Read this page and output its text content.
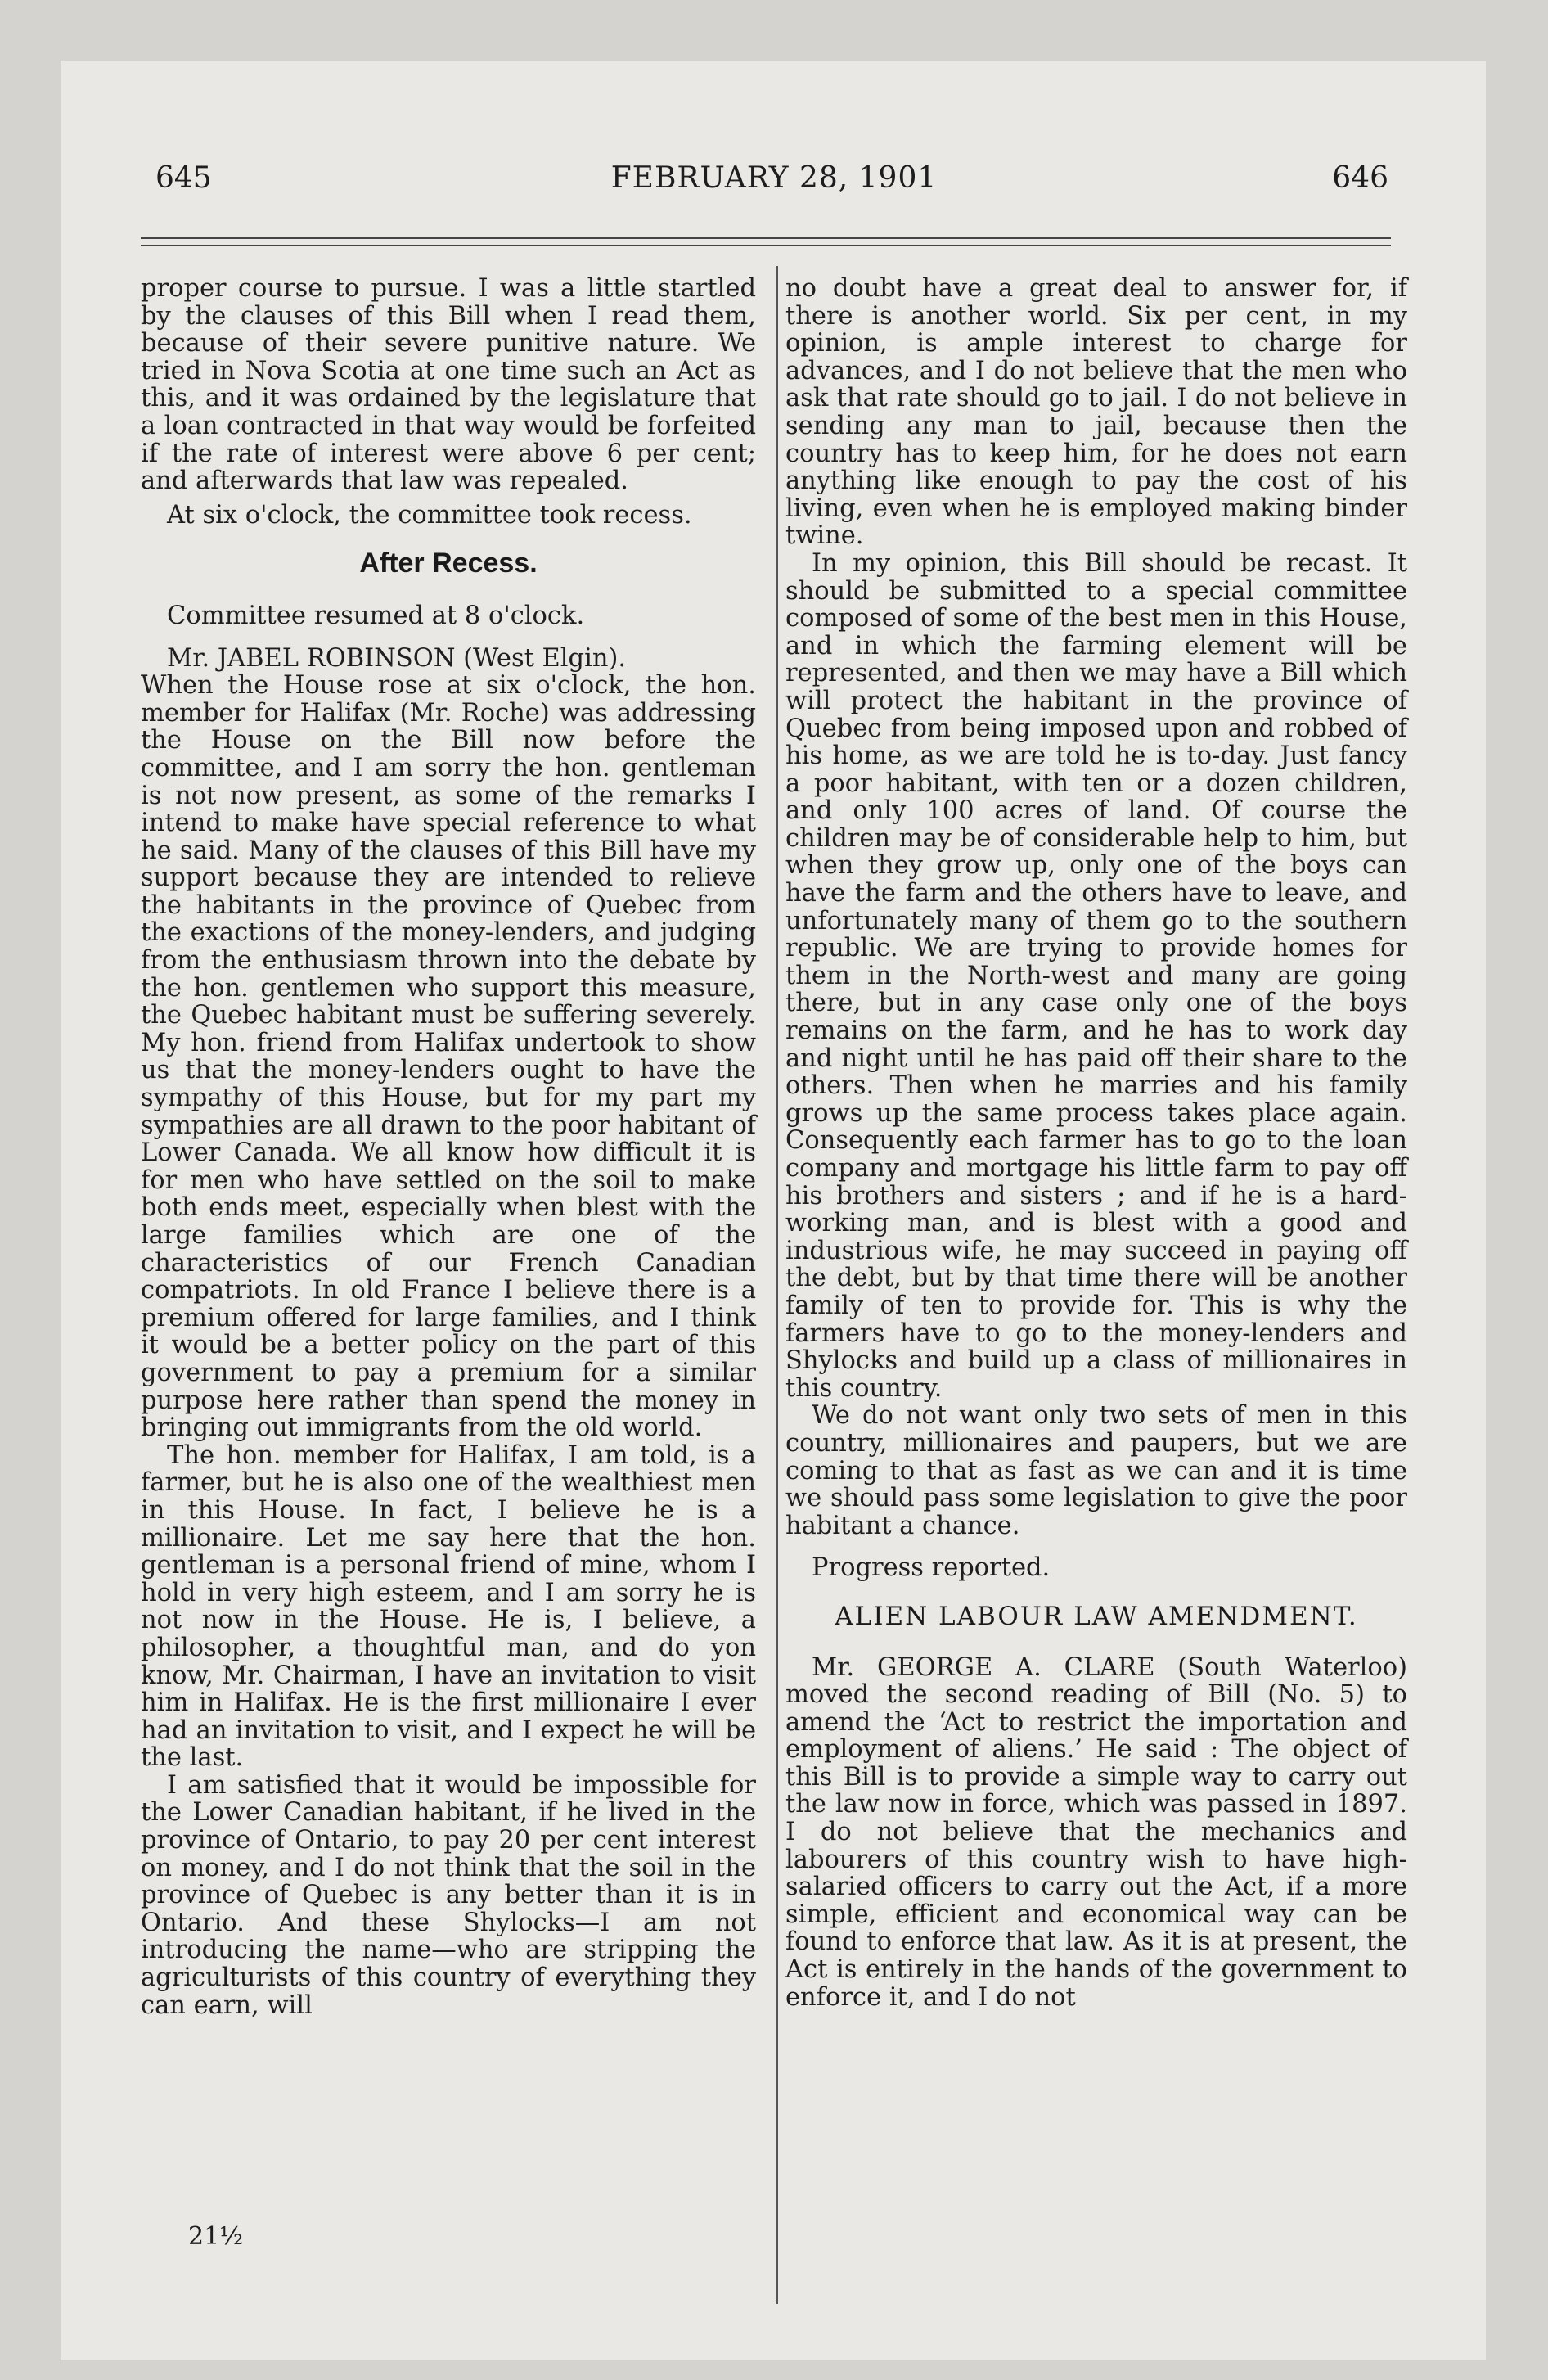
645	FEBRUARY 28, 1901	646

proper course to pursue. I was a little startled by the clauses of this Bill when I read them, because of their severe punitive nature. We tried in Nova Scotia at one time such an Act as this, and it was ordained by the legislature that a loan contracted in that way would be forfeited if the rate of interest were above 6 per cent; and afterwards that law was repealed.

At six o'clock, the committee took recess.

After Recess.

Committee resumed at 8 o'clock.

Mr. JABEL ROBINSON (West Elgin).

When the House rose at six o'clock, the hon. member for Halifax (Mr. Roche) was addressing the House on the Bill now before the committee, and I am sorry the hon. gentleman is not now present, as some of the remarks I intend to make have special reference to what he said. Many of the clauses of this Bill have my support because they are intended to relieve the habitants in the province of Quebec from the exactions of the money-lenders, and judging from the enthusiasm thrown into the debate by the hon. gentlemen who support this measure, the Quebec habitant must be suffering severely. My hon. friend from Halifax undertook to show us that the money-lenders ought to have the sympathy of this House, but for my part my sympathies are all drawn to the poor habitant of Lower Canada. We all know how difficult it is for men who have settled on the soil to make both ends meet, especially when blest with the large families which are one of the characteristics of our French Canadian compatriots. In old France I believe there is a premium offered for large families, and I think it would be a better policy on the part of this government to pay a premium for a similar purpose here rather than spend the money in bringing out immigrants from the old world.

The hon. member for Halifax, I am told, is a farmer, but he is also one of the wealthiest men in this House. In fact, I believe he is a millionaire. Let me say here that the hon. gentleman is a personal friend of mine, whom I hold in very high esteem, and I am sorry he is not now in the House. He is, I believe, a philosopher, a thoughtful man, and do yon know, Mr. Chairman, I have an invitation to visit him in Halifax. He is the first millionaire I ever had an invitation to visit, and I expect he will be the last.

I am satisfied that it would be impossible for the Lower Canadian habitant, if he lived in the province of Ontario, to pay 20 per cent interest on money, and I do not think that the soil in the province of Quebec is any better than it is in Ontario. And these Shylocks—I am not introducing the name—who are stripping the agriculturists of this country of everything they can earn, will

no doubt have a great deal to answer for, if there is another world. Six per cent, in my opinion, is ample interest to charge for advances, and I do not believe that the men who ask that rate should go to jail. I do not believe in sending any man to jail, because then the country has to keep him, for he does not earn anything like enough to pay the cost of his living, even when he is employed making binder twine.

In my opinion, this Bill should be recast. It should be submitted to a special committee composed of some of the best men in this House, and in which the farming element will be represented, and then we may have a Bill which will protect the habitant in the province of Quebec from being imposed upon and robbed of his home, as we are told he is to-day. Just fancy a poor habitant, with ten or a dozen children, and only 100 acres of land. Of course the children may be of considerable help to him, but when they grow up, only one of the boys can have the farm and the others have to leave, and unfortunately many of them go to the southern republic. We are trying to provide homes for them in the North-west and many are going there, but in any case only one of the boys remains on the farm, and he has to work day and night until he has paid off their share to the others. Then when he marries and his family grows up the same process takes place again. Consequently each farmer has to go to the loan company and mortgage his little farm to pay off his brothers and sisters ; and if he is a hard-working man, and is blest with a good and industrious wife, he may succeed in paying off the debt, but by that time there will be another family of ten to provide for. This is why the farmers have to go to the money-lenders and Shylocks and build up a class of millionaires in this country.

We do not want only two sets of men in this country, millionaires and paupers, but we are coming to that as fast as we can and it is time we should pass some legislation to give the poor habitant a chance.

Progress reported.

ALIEN LABOUR LAW AMENDMENT.

Mr. GEORGE A. CLARE (South Waterloo) moved the second reading of Bill (No. 5) to amend the ‘Act to restrict the importation and employment of aliens.’ He said : The object of this Bill is to provide a simple way to carry out the law now in force, which was passed in 1897. I do not believe that the mechanics and labourers of this country wish to have high-salaried officers to carry out the Act, if a more simple, efficient and economical way can be found to enforce that law. As it is at present, the Act is entirely in the hands of the government to enforce it, and I do not

21½
